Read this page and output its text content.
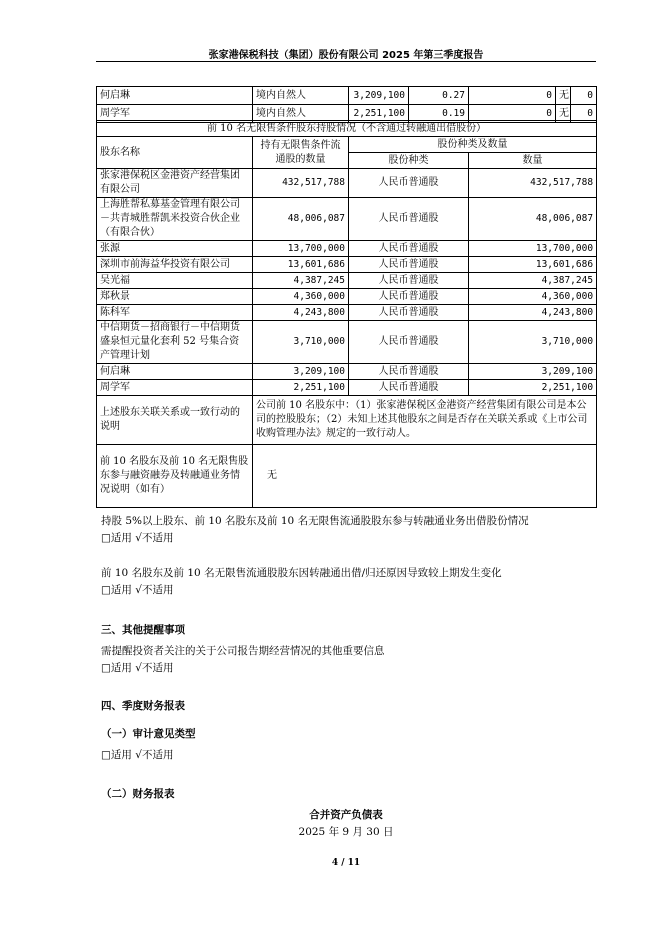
张家港保税科技（集团）股份有限公司 2025 年第三季度报告
何启琳	境内自然人	3,209,100	0.27	0	无	0
周学军	境内自然人	2,251,100	0.19	0	无	0
前 10 名无限售条件股东持股情况（不含通过转融通出借股份）			
股东名称	持有无限售条件流通股的数量	股份种类及数量	
		股份种类	数量
张家港保税区金港资产经营集团有限公司	432,517,788	人民币普通股	432,517,788
上海胜帮私募基金管理有限公司－共青城胜帮凯米投资合伙企业（有限合伙）	48,006,087	人民币普通股	48,006,087
张源	13,700,000	人民币普通股	13,700,000
深圳市前海益华投资有限公司	13,601,686	人民币普通股	13,601,686
吴光福	4,387,245	人民币普通股	4,387,245
郑秋景	4,360,000	人民币普通股	4,360,000
陈科军	4,243,800	人民币普通股	4,243,800
中信期货－招商银行－中信期货盛泉恒元量化套利 52 号集合资产管理计划	3,710,000	人民币普通股	3,710,000
何启琳	3,209,100	人民币普通股	3,209,100
周学军	2,251,100	人民币普通股	2,251,100
上述股东关联关系或一致行动的说明	公司前 10 名股东中：（1）张家港保税区金港资产经营集团有限公司是本公司的控股股东；（2）未知上述其他股东之间是否存在关联关系或《上市公司收购管理办法》规定的一致行动人。		
前 10 名股东及前 10 名无限售股东参与融资融券及转融通业务情况说明（如有）	无		
持股 5%以上股东、前 10 名股东及前 10 名无限售流通股股东参与转融通业务出借股份情况
□适用 √不适用
前 10 名股东及前 10 名无限售流通股股东因转融通出借/归还原因导致较上期发生变化
□适用 √不适用
三、其他提醒事项
需提醒投资者关注的关于公司报告期经营情况的其他重要信息
□适用 √不适用
四、季度财务报表
（一）审计意见类型
□适用 √不适用
（二）财务报表
合并资产负债表
2025 年 9 月 30 日
4 / 11
